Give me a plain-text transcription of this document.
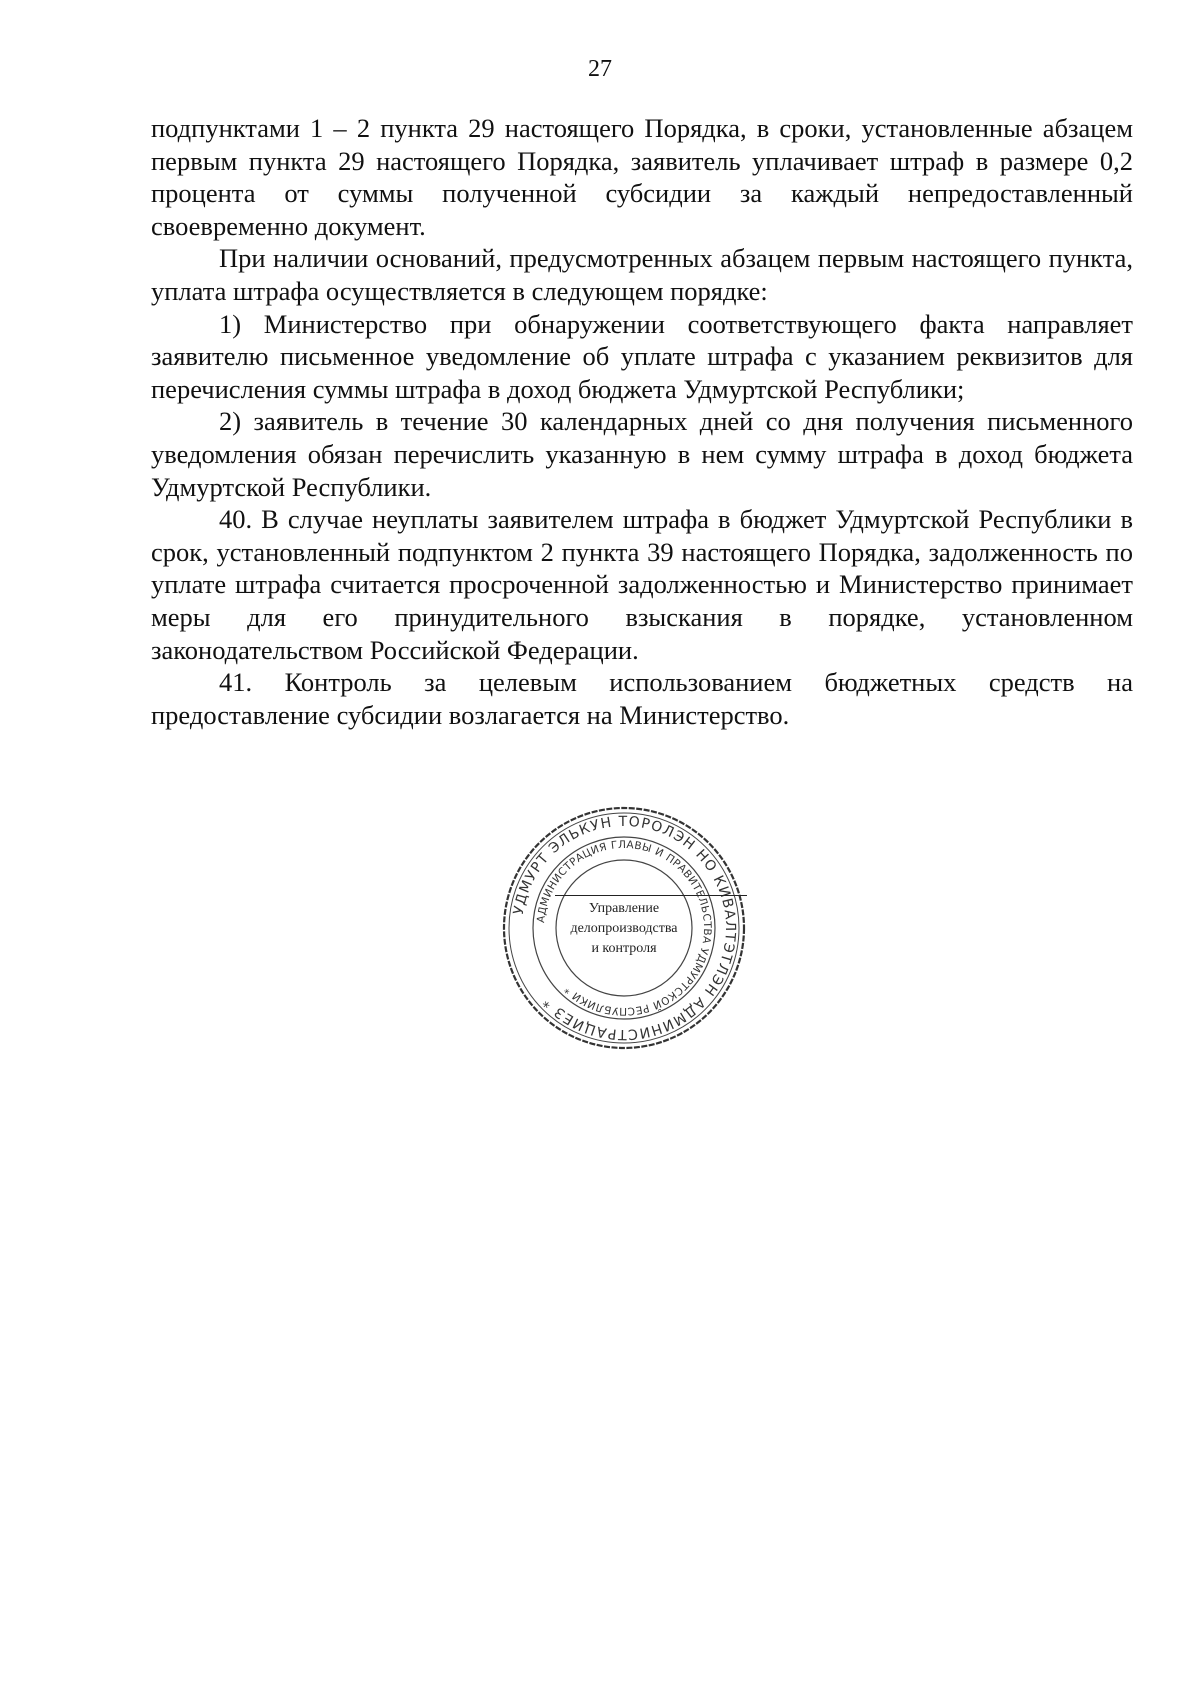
27

подпунктами 1 – 2 пункта 29 настоящего Порядка, в сроки, установленные абзацем первым пункта 29 настоящего Порядка, заявитель уплачивает штраф в размере 0,2 процента от суммы полученной субсидии за каждый непредоставленный своевременно документ.

При наличии оснований, предусмотренных абзацем первым настоящего пункта, уплата штрафа осуществляется в следующем порядке:

1) Министерство при обнаружении соответствующего факта направляет заявителю письменное уведомление об уплате штрафа с указанием реквизитов для перечисления суммы штрафа в доход бюджета Удмуртской Республики;

2) заявитель в течение 30 календарных дней со дня получения письменного уведомления обязан перечислить указанную в нем сумму штрафа в доход бюджета Удмуртской Республики.

40. В случае неуплаты заявителем штрафа в бюджет Удмуртской Республики в срок, установленный подпунктом 2 пункта 39 настоящего Порядка, задолженность по уплате штрафа считается просроченной задолженностью и Министерство принимает меры для его принудительного взыскания в порядке, установленном законодательством Российской Федерации.

41. Контроль за целевым использованием бюджетных средств на предоставление субсидии возлагается на Министерство.

УДМУРТ ЭЛЬКУН ТОРОЛЭН НО КИВАЛТЭТЛЭН АДМИНИСТРАЦИЕЗ *
АДМИНИСТРАЦИЯ ГЛАВЫ И ПРАВИТЕЛЬСТВА УДМУРТСКОЙ РЕСПУБЛИКИ *
Управление
делопроизводства
и контроля
